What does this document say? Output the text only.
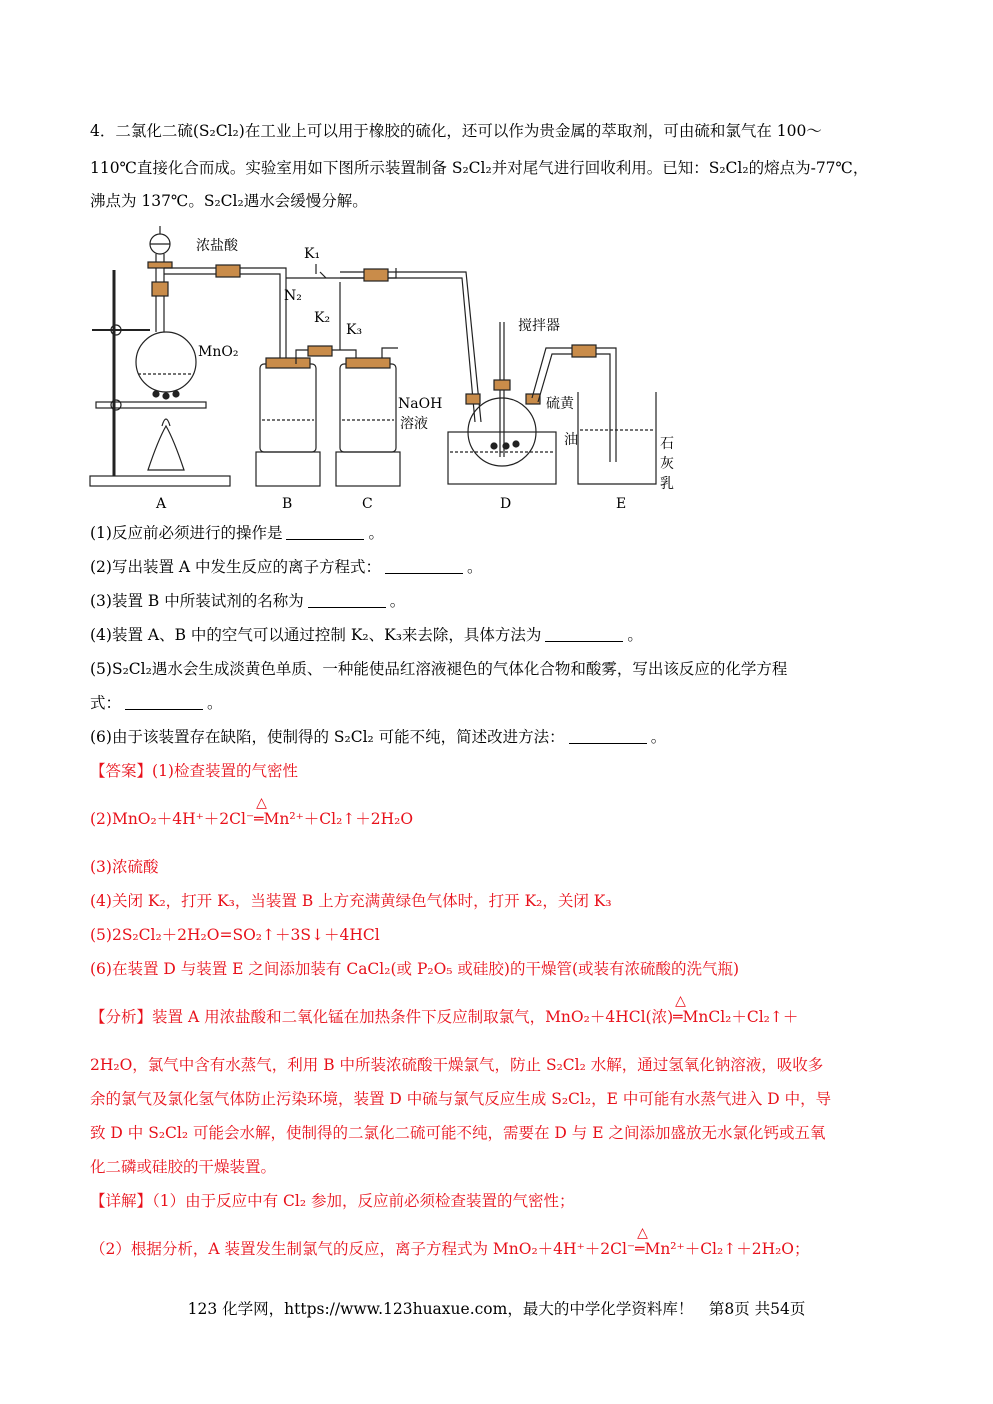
4．二氯化二硫(S₂Cl₂)在工业上可以用于橡胶的硫化，还可以作为贵金属的萃取剂，可由硫和氯气在 100～
110℃直接化合而成。实验室用如下图所示装置制备 S₂Cl₂并对尾气进行回收利用。已知：S₂Cl₂的熔点为-77℃，
沸点为 137℃。S₂Cl₂遇水会缓慢分解。
浓盐酸
MnO₂
N₂
K₁
K₂
K₃
NaOH
溶液
搅拌器
硫黄
油	石
灰
乳
A	B	C	D	E
(1)反应前必须进行的操作是	。
(2)写出装置 A 中发生反应的离子方程式：	。
(3)装置 B 中所装试剂的名称为	。
(4)装置 A、B 中的空气可以通过控制 K₂、K₃来去除，具体方法为	。
(5)S₂Cl₂遇水会生成淡黄色单质、一种能使品红溶液褪色的气体化合物和酸雾，写出该反应的化学方程
式：	。
(6)由于该装置存在缺陷，使制得的 S₂Cl₂ 可能不纯，简述改进方法：	。
【答案】(1)检查装置的气密性
(2)MnO₂＋4H⁺＋2Cl⁻
△
═Mn²⁺＋Cl₂↑＋2H₂O
(3)浓硫酸
(4)关闭 K₂，打开 K₃，当装置 B 上方充满黄绿色气体时，打开 K₂，关闭 K₃
(5)2S₂Cl₂＋2H₂O=SO₂↑＋3S↓＋4HCl
(6)在装置 D 与装置 E 之间添加装有 CaCl₂(或 P₂O₅ 或硅胶)的干燥管(或装有浓硫酸的洗气瓶)
【分析】装置 A 用浓盐酸和二氧化锰在加热条件下反应制取氯气，MnO₂＋4HCl(浓)
△
═MnCl₂＋Cl₂↑＋
2H₂O，氯气中含有水蒸气，利用 B 中所装浓硫酸干燥氯气，防止 S₂Cl₂ 水解，通过氢氧化钠溶液，吸收多
余的氯气及氯化氢气体防止污染环境，装置 D 中硫与氯气反应生成 S₂Cl₂，E 中可能有水蒸气进入 D 中，导
致 D 中 S₂Cl₂ 可能会水解，使制得的二氯化二硫可能不纯，需要在 D 与 E 之间添加盛放无水氯化钙或五氧
化二磷或硅胶的干燥装置。
【详解】（1）由于反应中有 Cl₂ 参加，反应前必须检查装置的气密性；
（2）根据分析，A 装置发生制氯气的反应，离子方程式为 MnO₂＋4H⁺＋2Cl⁻
△
═Mn²⁺＋Cl₂↑＋2H₂O；
123 化学网，https://www.123huaxue.com，最大的中学化学资料库！　第8页 共54页
